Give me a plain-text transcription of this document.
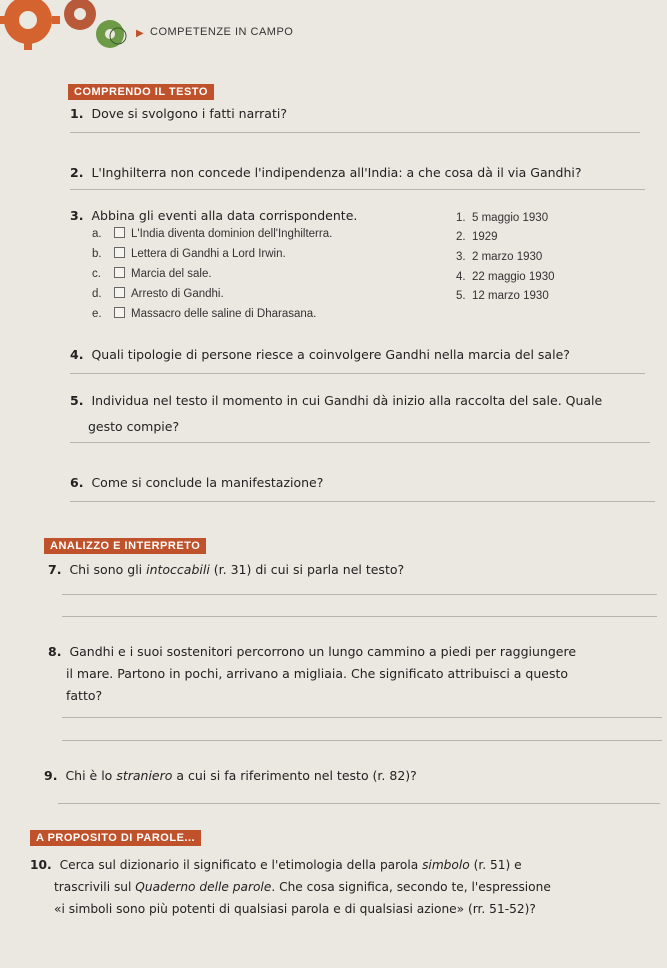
▶ COMPETENZE IN CAMPO
COMPRENDO IL TESTO
1. Dove si svolgono i fatti narrati?
2. L'Inghilterra non concede l'indipendenza all'India: a che cosa dà il via Gandhi?
3. Abbina gli eventi alla data corrispondente.
a.	L'India diventa dominion dell'Inghilterra.
b.	Lettera di Gandhi a Lord Irwin.
c.	Marcia del sale.
d.	Arresto di Gandhi.
e.	Massacro delle saline di Dharasana.
1. 5 maggio 1930
2. 1929
3. 2 marzo 1930
4. 22 maggio 1930
5. 12 marzo 1930
4. Quali tipologie di persone riesce a coinvolgere Gandhi nella marcia del sale?
5. Individua nel testo il momento in cui Gandhi dà inizio alla raccolta del sale. Quale
gesto compie?
6. Come si conclude la manifestazione?
ANALIZZO E INTERPRETO
7. Chi sono gli intoccabili (r. 31) di cui si parla nel testo?
8. Gandhi e i suoi sostenitori percorrono un lungo cammino a piedi per raggiungere
il mare. Partono in pochi, arrivano a migliaia. Che significato attribuisci a questo
fatto?
9. Chi è lo straniero a cui si fa riferimento nel testo (r. 82)?
A PROPOSITO DI PAROLE...
10. Cerca sul dizionario il significato e l'etimologia della parola simbolo (r. 51) e
trascrivili sul Quaderno delle parole. Che cosa significa, secondo te, l'espressione
«i simboli sono più potenti di qualsiasi parola e di qualsiasi azione» (rr. 51-52)?
